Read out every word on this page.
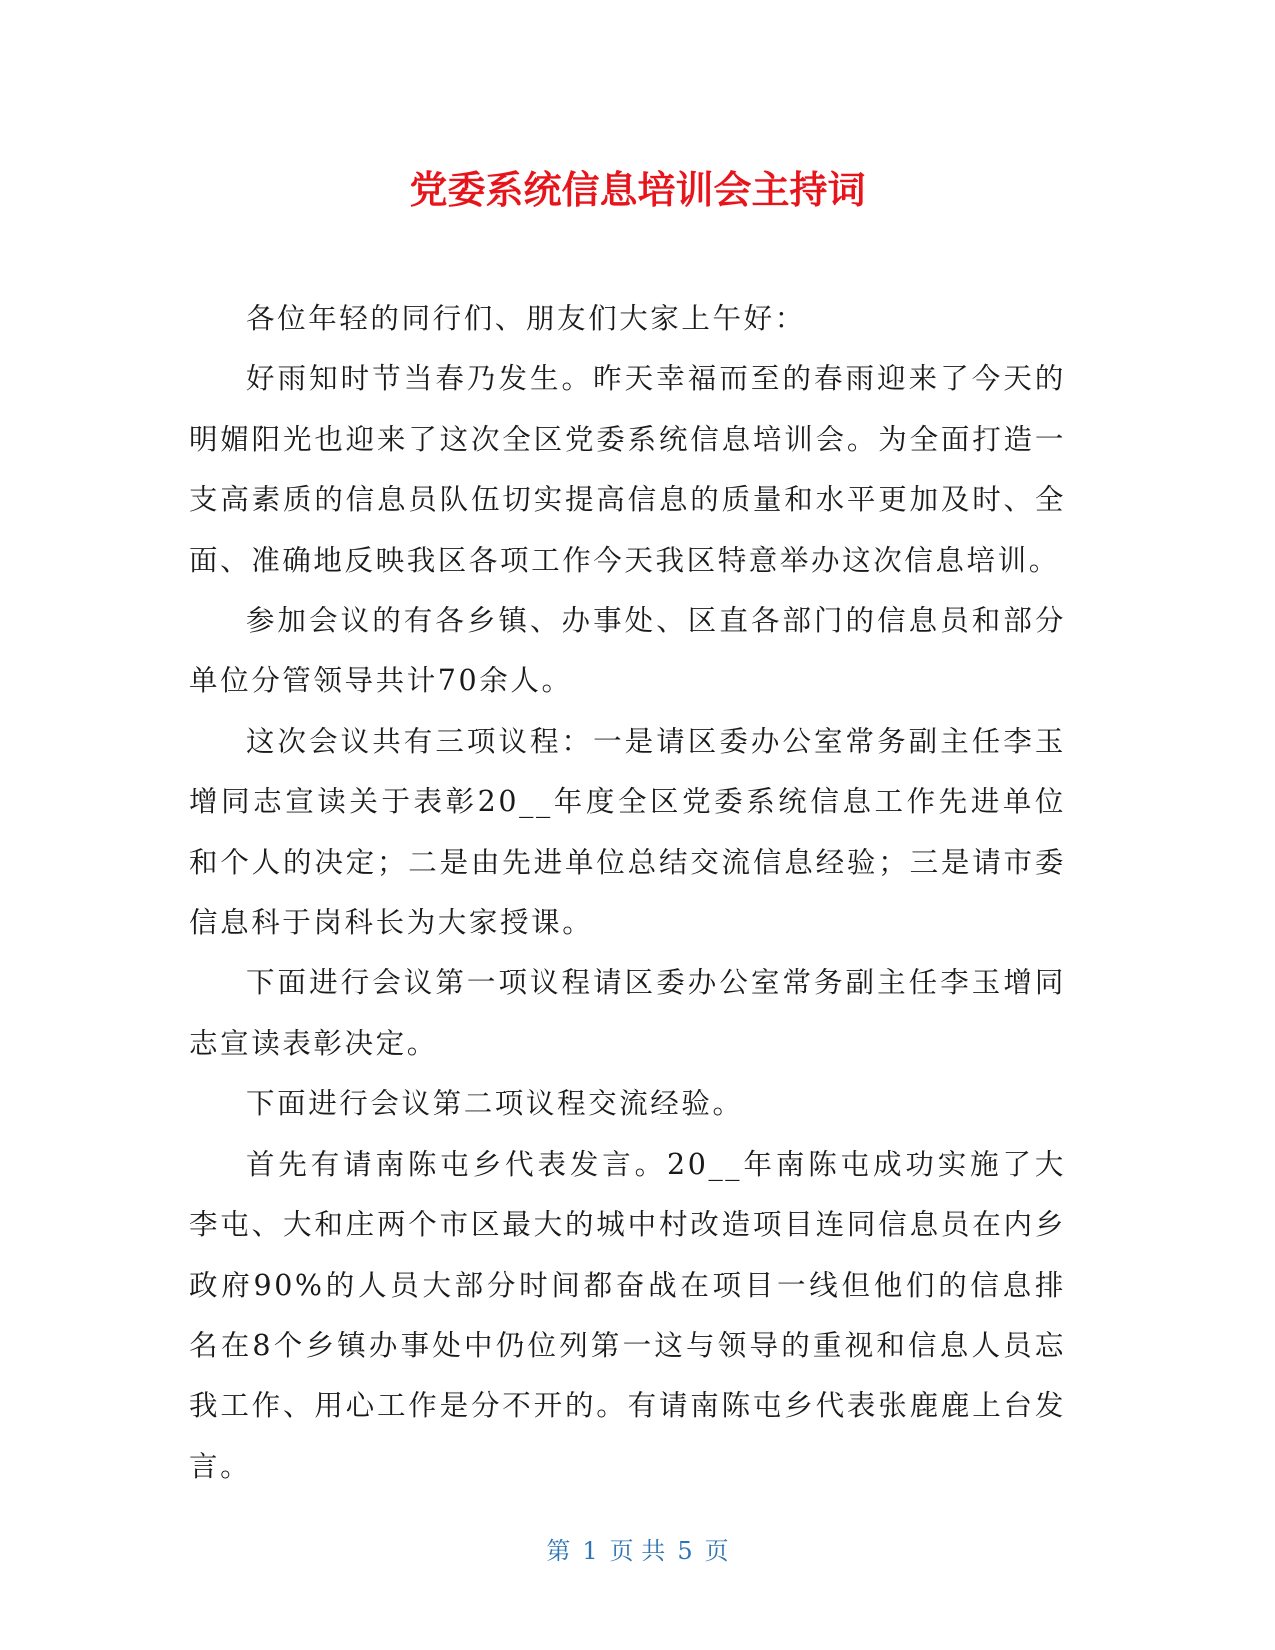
党委系统信息培训会主持词

各位年轻的同行们、朋友们大家上午好：

好雨知时节当春乃发生。昨天幸福而至的春雨迎来了今天的明媚阳光也迎来了这次全区党委系统信息培训会。为全面打造一支高素质的信息员队伍切实提高信息的质量和水平更加及时、全面、准确地反映我区各项工作今天我区特意举办这次信息培训。

参加会议的有各乡镇、办事处、区直各部门的信息员和部分单位分管领导共计70余人。

这次会议共有三项议程：一是请区委办公室常务副主任李玉增同志宣读关于表彰20__年度全区党委系统信息工作先进单位和个人的决定；二是由先进单位总结交流信息经验；三是请市委信息科于岗科长为大家授课。

下面进行会议第一项议程请区委办公室常务副主任李玉增同志宣读表彰决定。

下面进行会议第二项议程交流经验。

首先有请南陈屯乡代表发言。20__年南陈屯成功实施了大李屯、大和庄两个市区最大的城中村改造项目连同信息员在内乡政府90%的人员大部分时间都奋战在项目一线但他们的信息排名在8个乡镇办事处中仍位列第一这与领导的重视和信息人员忘我工作、用心工作是分不开的。有请南陈屯乡代表张鹿鹿上台发言。

第 1 页 共 5 页
